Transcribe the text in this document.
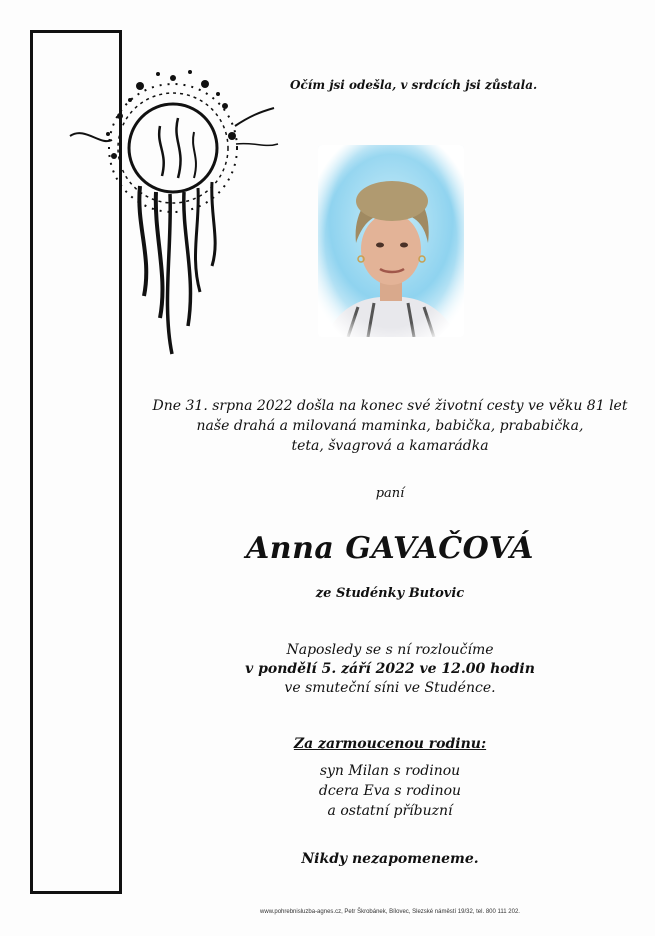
Očím jsi odešla, v srdcích jsi zůstala.
Dne 31. srpna 2022 došla na konec své životní cesty ve věku 81 let
naše drahá a milovaná maminka, babička, prababička,
teta, švagrová a kamarádka
paní
Anna GAVAČOVÁ
ze Studénky Butovic
Naposledy se s ní rozloučíme
v pondělí 5. září 2022 ve 12.00 hodin
ve smuteční síni ve Studénce.
Za zarmoucenou rodinu:
syn Milan s rodinou
dcera Eva s rodinou
a ostatní příbuzní
Nikdy nezapomeneme.
www.pohrebnisluzba-agnes.cz, Petr Škrobánek, Bílovec, Slezské náměstí 19/32, tel. 800 111 202.
